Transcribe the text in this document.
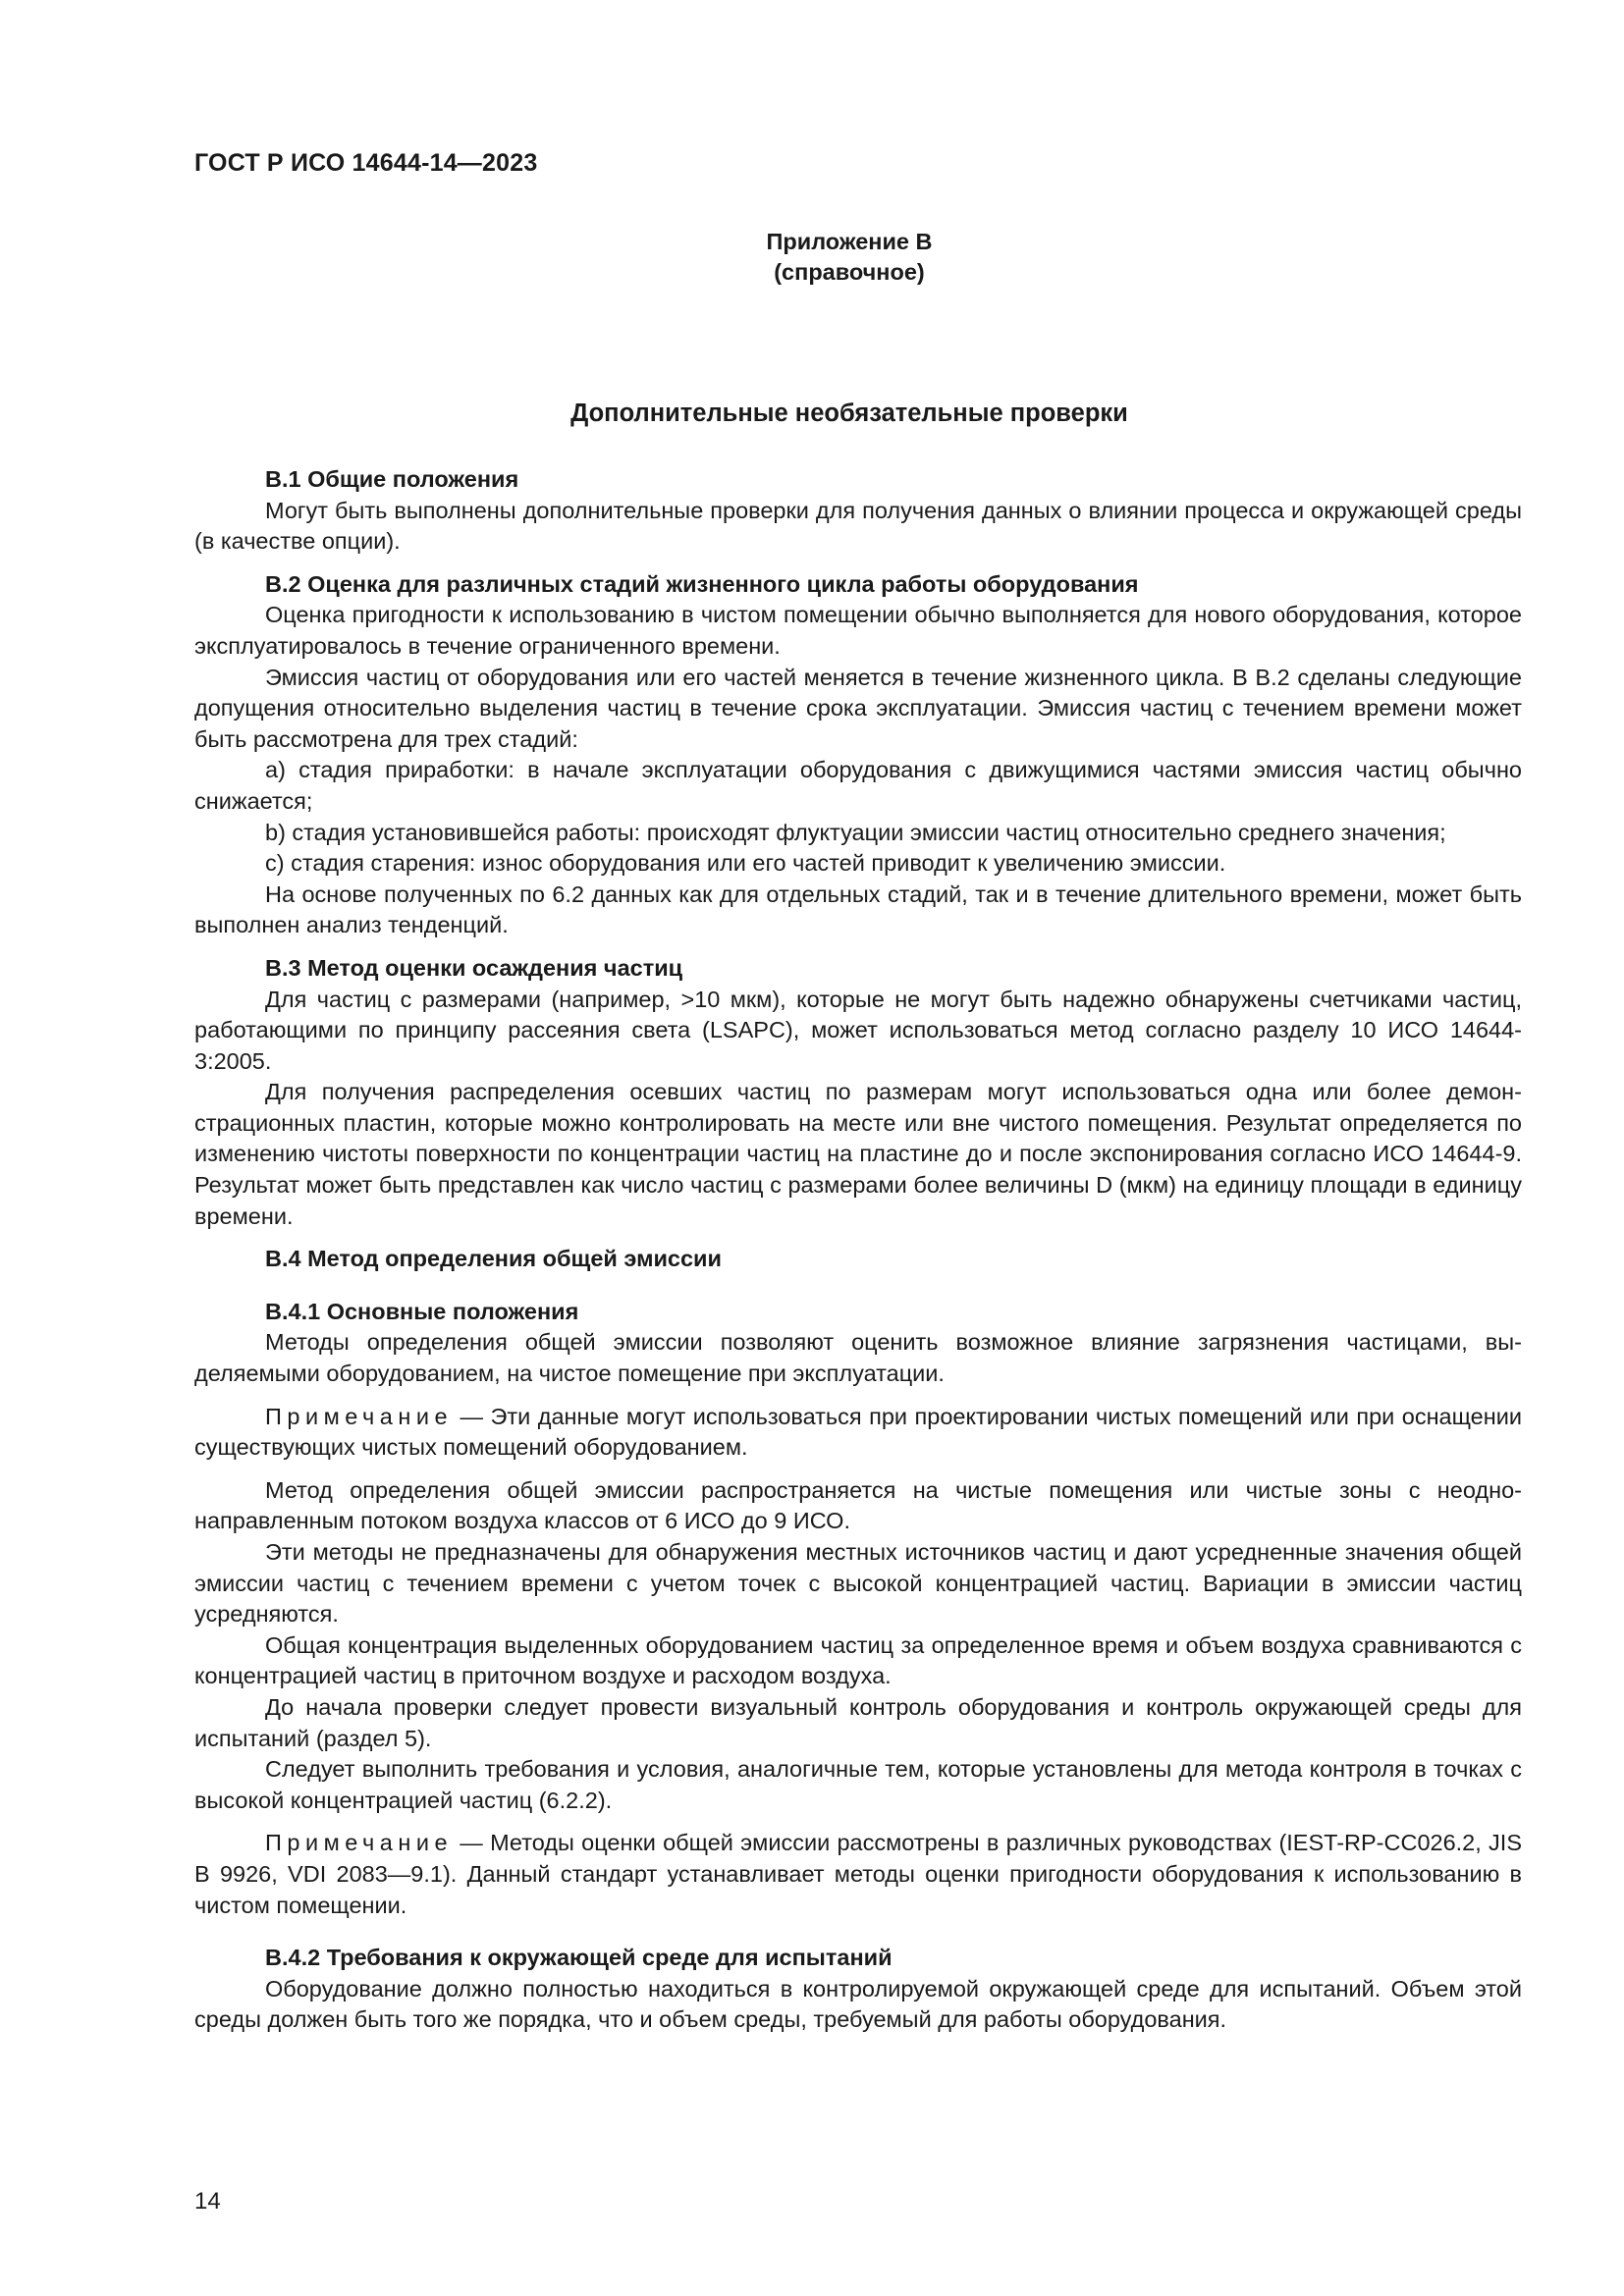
ГОСТ Р ИСО 14644-14—2023
Приложение В
(справочное)
Дополнительные необязательные проверки
В.1 Общие положения

Могут быть выполнены дополнительные проверки для получения данных о влиянии процесса и окружающей среды (в качестве опции).

В.2 Оценка для различных стадий жизненного цикла работы оборудования

Оценка пригодности к использованию в чистом помещении обычно выполняется для нового оборудования, которое эксплуатировалось в течение ограниченного времени.

Эмиссия частиц от оборудования или его частей меняется в течение жизненного цикла. В В.2 сделаны следующие допущения относительно выделения частиц в течение срока эксплуатации. Эмиссия частиц с течением времени может быть рассмотрена для трех стадий:

a) стадия приработки: в начале эксплуатации оборудования с движущимися частями эмиссия частиц обычно снижается;

b) стадия установившейся работы: происходят флуктуации эмиссии частиц относительно среднего значения;

c) стадия старения: износ оборудования или его частей приводит к увеличению эмиссии.

На основе полученных по 6.2 данных как для отдельных стадий, так и в течение длительного времени, может быть выполнен анализ тенденций.

В.3 Метод оценки осаждения частиц

Для частиц с размерами (например, >10 мкм), которые не могут быть надежно обнаружены счетчиками частиц, работающими по принципу рассеяния света (LSAPC), может использоваться метод согласно разделу 10 ИСО 14644-3:2005.

Для получения распределения осевших частиц по размерам могут использоваться одна или более демонстрационных пластин, которые можно контролировать на месте или вне чистого помещения. Результат определяется по изменению чистоты поверхности по концентрации частиц на пластине до и после экспонирования согласно ИСО 14644-9. Результат может быть представлен как число частиц с размерами более величины D (мкм) на единицу площади в единицу времени.

В.4 Метод определения общей эмиссии
В.4.1 Основные положения

Методы определения общей эмиссии позволяют оценить возможное влияние загрязнения частицами, выделяемыми оборудованием, на чистое помещение при эксплуатации.

Примечание — Эти данные могут использоваться при проектировании чистых помещений или при оснащении существующих чистых помещений оборудованием.

Метод определения общей эмиссии распространяется на чистые помещения или чистые зоны с неоднонаправленным потоком воздуха классов от 6 ИСО до 9 ИСО.

Эти методы не предназначены для обнаружения местных источников частиц и дают усредненные значения общей эмиссии частиц с течением времени с учетом точек с высокой концентрацией частиц. Вариации в эмиссии частиц усредняются.

Общая концентрация выделенных оборудованием частиц за определенное время и объем воздуха сравниваются с концентрацией частиц в приточном воздухе и расходом воздуха.

До начала проверки следует провести визуальный контроль оборудования и контроль окружающей среды для испытаний (раздел 5).

Следует выполнить требования и условия, аналогичные тем, которые установлены для метода контроля в точках с высокой концентрацией частиц (6.2.2).

Примечание — Методы оценки общей эмиссии рассмотрены в различных руководствах (IEST-RP-CC026.2, JIS B 9926, VDI 2083—9.1). Данный стандарт устанавливает методы оценки пригодности оборудования к использованию в чистом помещении.

В.4.2 Требования к окружающей среде для испытаний

Оборудование должно полностью находиться в контролируемой окружающей среде для испытаний. Объем этой среды должен быть того же порядка, что и объем среды, требуемый для работы оборудования.

14
